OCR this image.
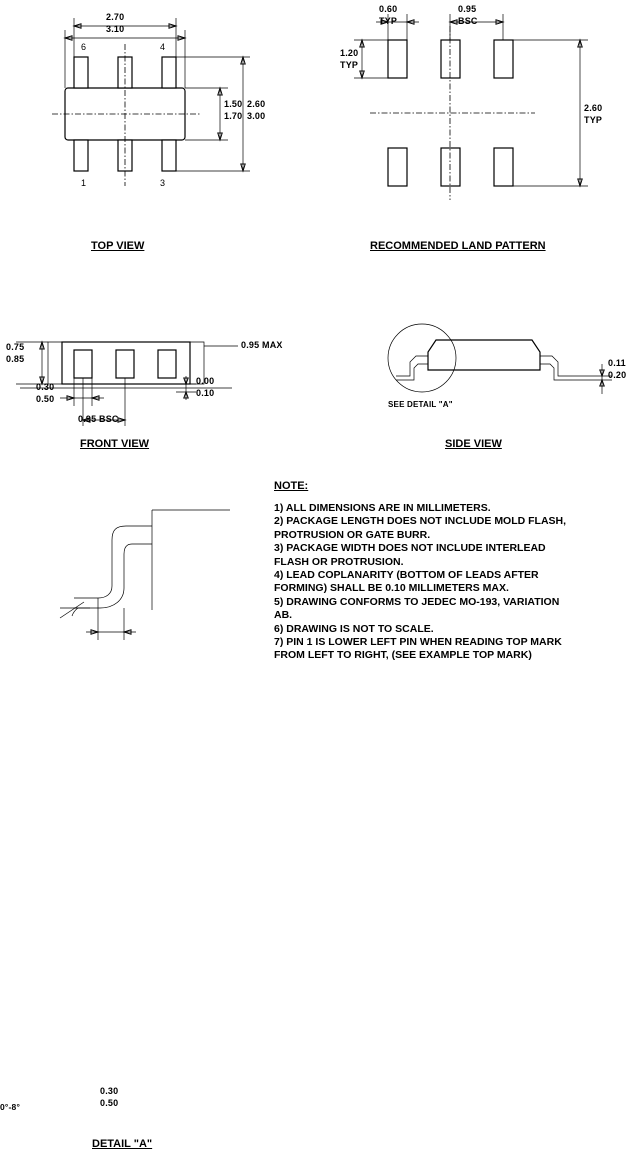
2.70
3.10
1.50
1.70
2.60
3.00
6	4
1	3
TOP VIEW
0.60
TYP
0.95
BSC
1.20
TYP
2.60
TYP
RECOMMENDED LAND PATTERN
0.75
0.85
0.95 MAX
0.30
0.50
0.95 BSC
0.00
0.10
FRONT VIEW
SEE DETAIL "A"
0.11
0.20
SIDE VIEW
0°-8°
0.30
0.50
DETAIL "A"
NOTE:
1) ALL DIMENSIONS ARE IN MILLIMETERS.
2) PACKAGE LENGTH DOES NOT INCLUDE MOLD FLASH,
PROTRUSION OR GATE BURR.
3) PACKAGE WIDTH DOES NOT INCLUDE INTERLEAD
FLASH OR PROTRUSION.
4) LEAD COPLANARITY (BOTTOM OF LEADS AFTER
FORMING) SHALL BE 0.10 MILLIMETERS MAX.
5) DRAWING CONFORMS TO JEDEC MO-193, VARIATION
AB.
6) DRAWING IS NOT TO SCALE.
7) PIN 1 IS LOWER LEFT PIN WHEN READING TOP MARK
FROM LEFT TO RIGHT, (SEE EXAMPLE TOP MARK)
